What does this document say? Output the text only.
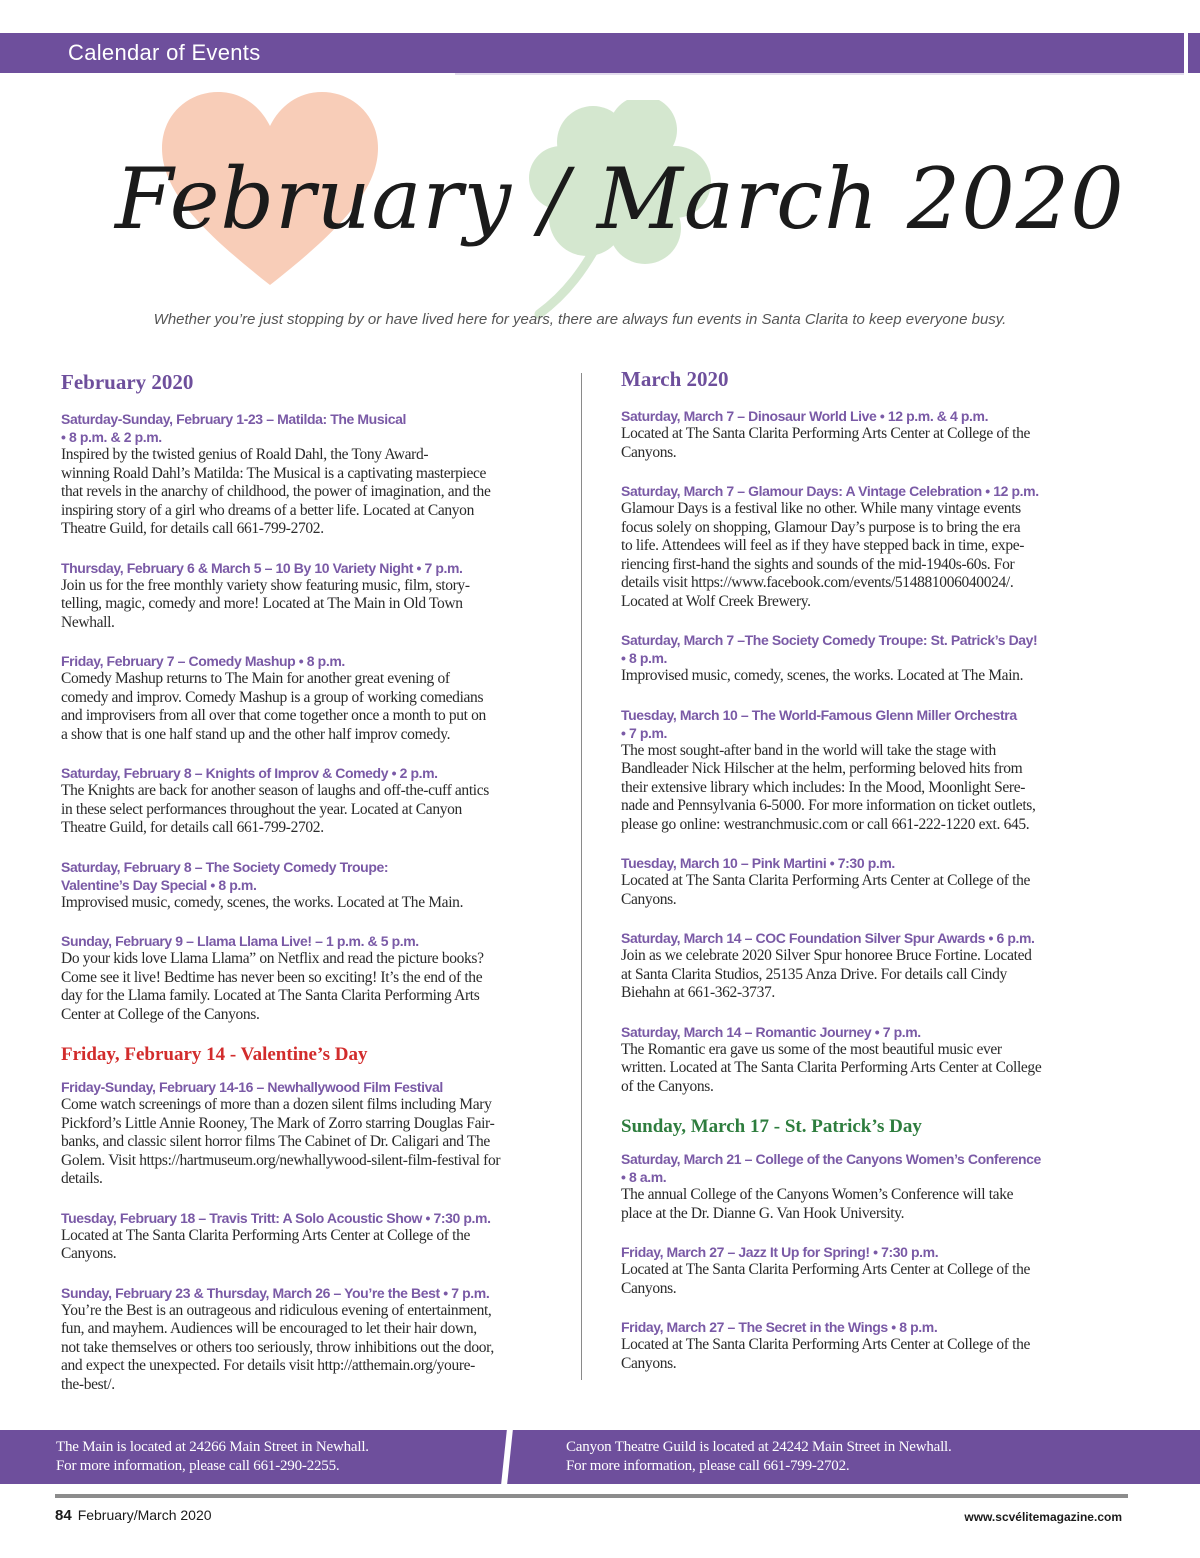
Calendar of Events
February / March 2020
Whether you’re just stopping by or have lived here for years, there are always fun events in Santa Clarita to keep everyone busy.
February 2020
Saturday-Sunday, February 1-23 – Matilda: The Musical
• 8 p.m. & 2 p.m.
Inspired by the twisted genius of Roald Dahl, the Tony Award-
winning Roald Dahl’s Matilda: The Musical is a captivating masterpiece
that revels in the anarchy of childhood, the power of imagination, and the
inspiring story of a girl who dreams of a better life. Located at Canyon
Theatre Guild, for details call 661-799-2702.
Thursday, February 6 & March 5 – 10 By 10 Variety Night • 7 p.m.
Join us for the free monthly variety show featuring music, film, story-
telling, magic, comedy and more! Located at The Main in Old Town
Newhall.
Friday, February 7 – Comedy Mashup • 8 p.m.
Comedy Mashup returns to The Main for another great evening of
comedy and improv. Comedy Mashup is a group of working comedians
and improvisers from all over that come together once a month to put on
a show that is one half stand up and the other half improv comedy.
Saturday, February 8 – Knights of Improv & Comedy • 2 p.m.
The Knights are back for another season of laughs and off-the-cuff antics
in these select performances throughout the year. Located at Canyon
Theatre Guild, for details call 661-799-2702.
Saturday, February 8 – The Society Comedy Troupe:
Valentine’s Day Special • 8 p.m.
Improvised music, comedy, scenes, the works. Located at The Main.
Sunday, February 9 – Llama Llama Live! – 1 p.m. & 5 p.m.
Do your kids love Llama Llama” on Netflix and read the picture books?
Come see it live! Bedtime has never been so exciting! It’s the end of the
day for the Llama family. Located at The Santa Clarita Performing Arts
Center at College of the Canyons.
Friday, February 14 - Valentine’s Day
Friday-Sunday, February 14-16 – Newhallywood Film Festival
Come watch screenings of more than a dozen silent films including Mary
Pickford’s Little Annie Rooney, The Mark of Zorro starring Douglas Fair-
banks, and classic silent horror films The Cabinet of Dr. Caligari and The
Golem. Visit https://hartmuseum.org/newhallywood-silent-film-festival for
details.
Tuesday, February 18 – Travis Tritt: A Solo Acoustic Show • 7:30 p.m.
Located at The Santa Clarita Performing Arts Center at College of the
Canyons.
Sunday, February 23 & Thursday, March 26 – You’re the Best • 7 p.m.
You’re the Best is an outrageous and ridiculous evening of entertainment,
fun, and mayhem. Audiences will be encouraged to let their hair down,
not take themselves or others too seriously, throw inhibitions out the door,
and expect the unexpected. For details visit http://atthemain.org/youre-
the-best/.
March 2020
Saturday, March 7 – Dinosaur World Live • 12 p.m. & 4 p.m.
Located at The Santa Clarita Performing Arts Center at College of the
Canyons.
Saturday, March 7 – Glamour Days: A Vintage Celebration • 12 p.m.
Glamour Days is a festival like no other. While many vintage events
focus solely on shopping, Glamour Day’s purpose is to bring the era
to life. Attendees will feel as if they have stepped back in time, expe-
riencing first-hand the sights and sounds of the mid-1940s-60s. For
details visit https://www.facebook.com/events/514881006040024/.
Located at Wolf Creek Brewery.
Saturday, March 7 –The Society Comedy Troupe: St. Patrick’s Day!
• 8 p.m.
Improvised music, comedy, scenes, the works. Located at The Main.
Tuesday, March 10 – The World-Famous Glenn Miller Orchestra
• 7 p.m.
The most sought-after band in the world will take the stage with
Bandleader Nick Hilscher at the helm, performing beloved hits from
their extensive library which includes: In the Mood, Moonlight Sere-
nade and Pennsylvania 6-5000. For more information on ticket outlets,
please go online: westranchmusic.com or call 661-222-1220 ext. 645.
Tuesday, March 10 – Pink Martini • 7:30 p.m.
Located at The Santa Clarita Performing Arts Center at College of the
Canyons.
Saturday, March 14 – COC Foundation Silver Spur Awards • 6 p.m.
Join as we celebrate 2020 Silver Spur honoree Bruce Fortine. Located
at Santa Clarita Studios, 25135 Anza Drive. For details call Cindy
Biehahn at 661-362-3737.
Saturday, March 14 – Romantic Journey • 7 p.m.
The Romantic era gave us some of the most beautiful music ever
written. Located at The Santa Clarita Performing Arts Center at College
of the Canyons.
Sunday, March 17 - St. Patrick’s Day
Saturday, March 21 – College of the Canyons Women’s Conference
• 8 a.m.
The annual College of the Canyons Women’s Conference will take
place at the Dr. Dianne G. Van Hook University.
Friday, March 27 – Jazz It Up for Spring! • 7:30 p.m.
Located at The Santa Clarita Performing Arts Center at College of the
Canyons.
Friday, March 27 – The Secret in the Wings • 8 p.m.
Located at The Santa Clarita Performing Arts Center at College of the
Canyons.
The Main is located at 24266 Main Street in Newhall.
For more information, please call 661-290-2255.
Canyon Theatre Guild is located at 24242 Main Street in Newhall.
For more information, please call 661-799-2702.
84 February/March 2020	www.scvélitemagazine.com
